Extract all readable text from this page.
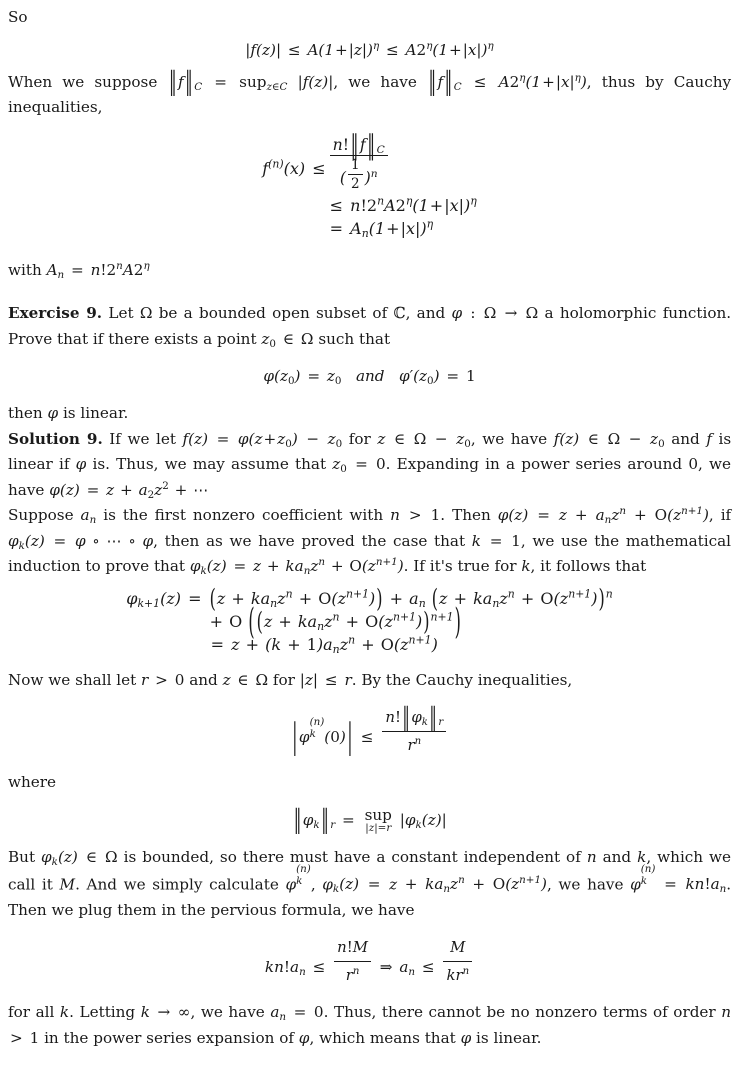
So

$|f(z)| \le A(1+|z|)^\eta \le A2^\eta(1+|x|)^\eta$

When we suppose ‖f‖ $_C$ = sup$_{z\in C}$ |f(z)|, we have ‖f‖ $_C \le A2^\eta(1+|x|^\eta)$, thus by Cauchy inequalities,

$f^{(n)}(x)$ ≤	$\frac{n!‖f‖ _C}{( \frac{1}{2} )^n}$

	≤ $n!2^nA2^\eta(1+|x|)^\eta$
	= $A_n(1+|x|)^\eta$

with $A_n = n!2^nA2^\eta$

Exercise 9. Let Ω be a bounded open subset of ℂ, and φ : Ω → Ω a holomorphic function. Prove that if there exists a point $z_0$ ∈ Ω such that

$\varphi(z_0) = z_0$ and $\varphi'(z_0) = 1$

then φ is linear.

Solution 9. If we let $f(z) = \varphi(z+z_0) - z_0$ for z ∈ $\Omega - z_0$, we have f(z) ∈ $\Omega - z_0$ and f is linear if φ is. Thus, we may assume that $z_0 = 0$. Expanding in a power series around 0, we have $\varphi(z) = z + a_2z^2$ + ⋯

Suppose $a_n$ is the first nonzero coefficient with n > 1. Then $\varphi(z) = z + a_nz^n + O(z^{n+1})$, if $\varphi_k(z) = \varphi$ ∘ ⋯ ∘ φ, then as we have proved the case that k = 1, we use the mathematical induction to prove that $\varphi_k(z) = z + ka_nz^n + O(z^{n+1})$. If it's true for k, it follows that

$\varphi_{k+1}(z)$ =	$(z + ka_nz^n + O(z^{n+1})) + a_n$ $(z + ka_nz^n + O(z^{n+1}))^n$
	+ O ( $(z + ka_nz^n + O(z^{n+1}))^{n+1}$)
	= $z + (k + 1)a_nz^n + O(z^{n+1})$

Now we shall let r > 0 and z ∈ Ω for |z| ≤ r. By the Cauchy inequalities,

|φ
(n)
k $(0)| \le \frac{n! ‖ \varphi_k ‖ _r}{r^n}$

where

$‖\varphi_k‖$ $_r$ = sup
|z|=r $|\varphi_k(z)|$

But $\varphi_k(z)$ ∈ Ω is bounded, so there must have a constant independent of n and k, which we call it M. And we simply calculate φ
(n)
k , $\varphi_k(z) = z + ka_nz^n + O(z^{n+1})$, we have φ
(n)
k	= $kn!a_n$. Then we plug them in the pervious formula, we have

$kn!a_n \le \frac{n!M}{r^n}$ ⇒ $a_n \le \frac{M}{kr^n}$

for all k. Letting k → ∞, we have $a_n = 0$. Thus, there cannot be no nonzero terms of order n > 1 in the power series expansion of φ, which means that φ is linear.
